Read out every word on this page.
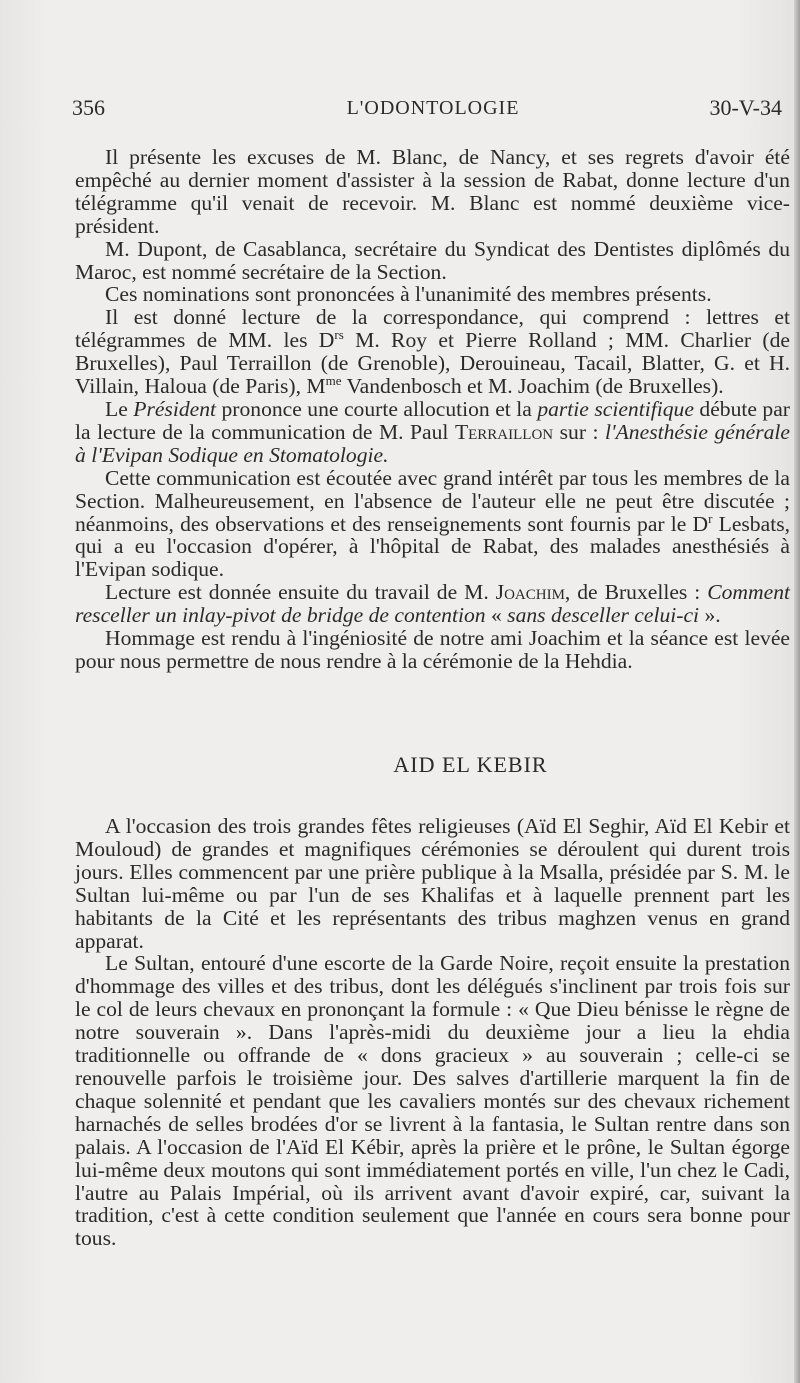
356	L'ODONTOLOGIE	30-V-34

Il présente les excuses de M. Blanc, de Nancy, et ses regrets d'avoir été empêché au dernier moment d'assister à la session de Rabat, donne lecture d'un télégramme qu'il venait de recevoir. M. Blanc est nommé deuxième vice-président.

M. Dupont, de Casablanca, secrétaire du Syndicat des Dentistes diplômés du Maroc, est nommé secrétaire de la Section.

Ces nominations sont prononcées à l'unanimité des membres présents.

Il est donné lecture de la correspondance, qui comprend : lettres et télégrammes de MM. les $D^{rs}$ M. Roy et Pierre Rolland ; MM. Charlier (de Bruxelles), Paul Terraillon (de Grenoble), Derouineau, Tacail, Blatter, G. et H. Villain, Haloua (de Paris), $M^{me}$ Vandenbosch et M. Joachim (de Bruxelles).

Le Président prononce une courte allocution et la partie scientifique débute par la lecture de la communication de M. Paul Terraillon sur : l'Anesthésie générale à l'Evipan Sodique en Stomatologie.

Cette communication est écoutée avec grand intérêt par tous les membres de la Section. Malheureusement, en l'absence de l'auteur elle ne peut être discutée ; néanmoins, des observations et des renseignements sont fournis par le $D^r$ Lesbats, qui a eu l'occasion d'opérer, à l'hôpital de Rabat, des malades anesthésiés à l'Evipan sodique.

Lecture est donnée ensuite du travail de M. Joachim, de Bruxelles : Comment resceller un inlay-pivot de bridge de contention « sans desceller celui-ci ».

Hommage est rendu à l'ingéniosité de notre ami Joachim et la séance est levée pour nous permettre de nous rendre à la cérémonie de la Hehdia.

AID EL KEBIR

A l'occasion des trois grandes fêtes religieuses (Aïd El Seghir, Aïd El Kebir et Mouloud) de grandes et magnifiques cérémonies se déroulent qui durent trois jours. Elles commencent par une prière publique à la Msalla, présidée par S. M. le Sultan lui-même ou par l'un de ses Khalifas et à laquelle prennent part les habitants de la Cité et les représentants des tribus maghzen venus en grand apparat.

Le Sultan, entouré d'une escorte de la Garde Noire, reçoit ensuite la prestation d'hommage des villes et des tribus, dont les délégués s'inclinent par trois fois sur le col de leurs chevaux en prononçant la formule : « Que Dieu bénisse le règne de notre souverain ». Dans l'après-midi du deuxième jour a lieu la ehdia traditionnelle ou offrande de « dons gracieux » au souverain ; celle-ci se renouvelle parfois le troisième jour. Des salves d'artillerie marquent la fin de chaque solennité et pendant que les cavaliers montés sur des chevaux richement harnachés de selles brodées d'or se livrent à la fantasia, le Sultan rentre dans son palais. A l'occasion de l'Aïd El Kébir, après la prière et le prône, le Sultan égorge lui-même deux moutons qui sont immédiatement portés en ville, l'un chez le Cadi, l'autre au Palais Impérial, où ils arrivent avant d'avoir expiré, car, suivant la tradition, c'est à cette condition seulement que l'année en cours sera bonne pour tous.
